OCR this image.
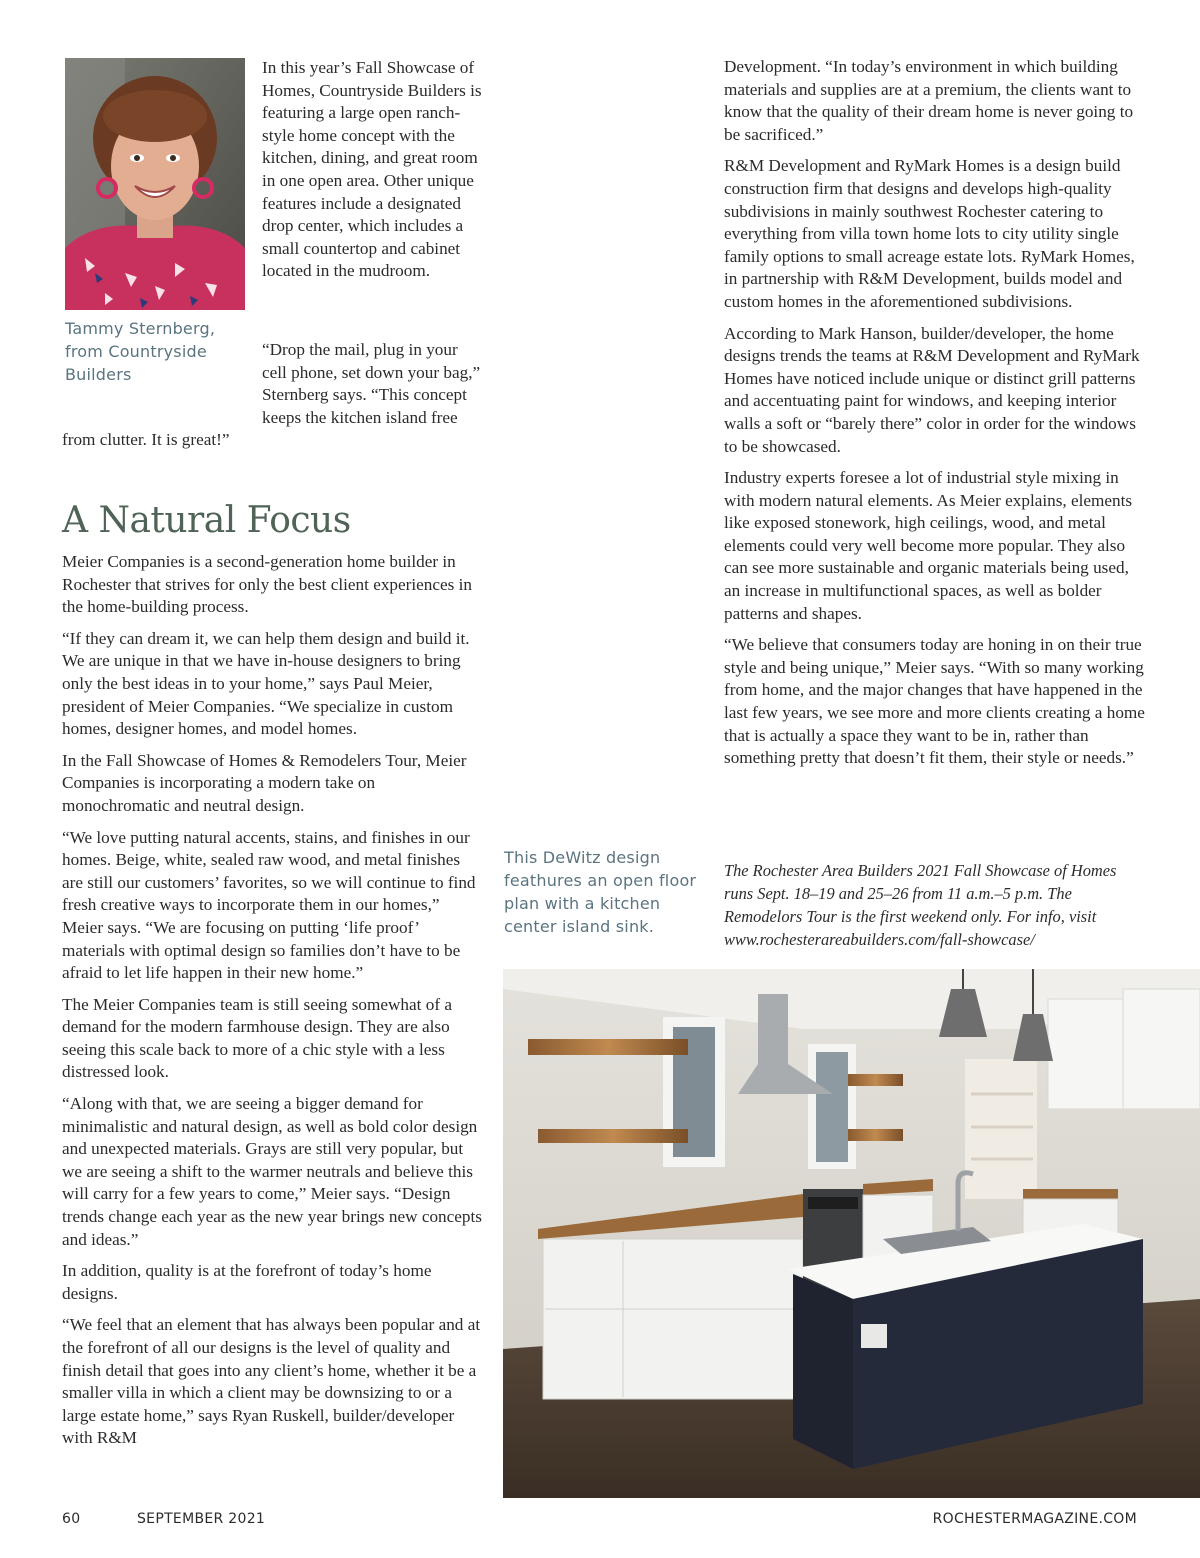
Tammy Sternberg, from Countryside Builders
In this year’s Fall Showcase of Homes, Countryside Builders is featuring a large open ranch-style home concept with the kitchen, dining, and great room in one open area. Other unique features include a designated drop center, which includes a small countertop and cabinet located in the mudroom.
“Drop the mail, plug in your cell phone, set down your bag,” Sternberg says. “This concept keeps the kitchen island free from clutter. It is great!”
A Natural Focus

Meier Companies is a second-generation home builder in Rochester that strives for only the best client experiences in the home-building process.

“If they can dream it, we can help them design and build it. We are unique in that we have in-house designers to bring only the best ideas in to your home,” says Paul Meier, president of Meier Companies. “We specialize in custom homes, designer homes, and model homes.

In the Fall Showcase of Homes & Remodelers Tour, Meier Companies is incorporating a modern take on monochromatic and neutral design.

“We love putting natural accents, stains, and finishes in our homes. Beige, white, sealed raw wood, and metal finishes are still our customers’ favorites, so we will continue to find fresh creative ways to incorporate them in our homes,” Meier says. “We are focusing on putting ‘life proof’ materials with optimal design so families don’t have to be afraid to let life happen in their new home.”

The Meier Companies team is still seeing somewhat of a demand for the modern farmhouse design. They are also seeing this scale back to more of a chic style with a less distressed look.

“Along with that, we are seeing a bigger demand for minimalistic and natural design, as well as bold color design and unexpected materials. Grays are still very popular, but we are seeing a shift to the warmer neutrals and believe this will carry for a few years to come,” Meier says. “Design trends change each year as the new year brings new concepts and ideas.”

In addition, quality is at the forefront of today’s home designs.

“We feel that an element that has always been popular and at the forefront of all our designs is the level of quality and finish detail that goes into any client’s home, whether it be a smaller villa in which a client may be downsizing to or a large estate home,” says Ryan Ruskell, builder/developer with R&M

Development. “In today’s environment in which building materials and supplies are at a premium, the clients want to know that the quality of their dream home is never going to be sacrificed.”

R&M Development and RyMark Homes is a design build construction firm that designs and develops high-quality subdivisions in mainly southwest Rochester catering to everything from villa town home lots to city utility single family options to small acreage estate lots. RyMark Homes, in partnership with R&M Development, builds model and custom homes in the aforementioned subdivisions.

According to Mark Hanson, builder/developer, the home designs trends the teams at R&M Development and RyMark Homes have noticed include unique or distinct grill patterns and accentuating paint for windows, and keeping interior walls a soft or “barely there” color in order for the windows to be showcased.

Industry experts foresee a lot of industrial style mixing in with modern natural elements. As Meier explains, elements like exposed stonework, high ceilings, wood, and metal elements could very well become more popular. They also can see more sustainable and organic materials being used, an increase in multifunctional spaces, as well as bolder patterns and shapes.

“We believe that consumers today are honing in on their true style and being unique,” Meier says. “With so many working from home, and the major changes that have happened in the last few years, we see more and more clients creating a home that is actually a space they want to be in, rather than something pretty that doesn’t fit them, their style or needs.”

This DeWitz design feathures an open floor plan with a kitchen center island sink.
The Rochester Area Builders 2021 Fall Showcase of Homes runs Sept. 18–19 and 25–26 from 11 a.m.–5 p.m. The Remodelors Tour is the first weekend only. For info, visit www.rochesterareabuilders.com/fall-showcase/
60	SEPTEMBER 2021	ROCHESTERMAGAZINE.COM
